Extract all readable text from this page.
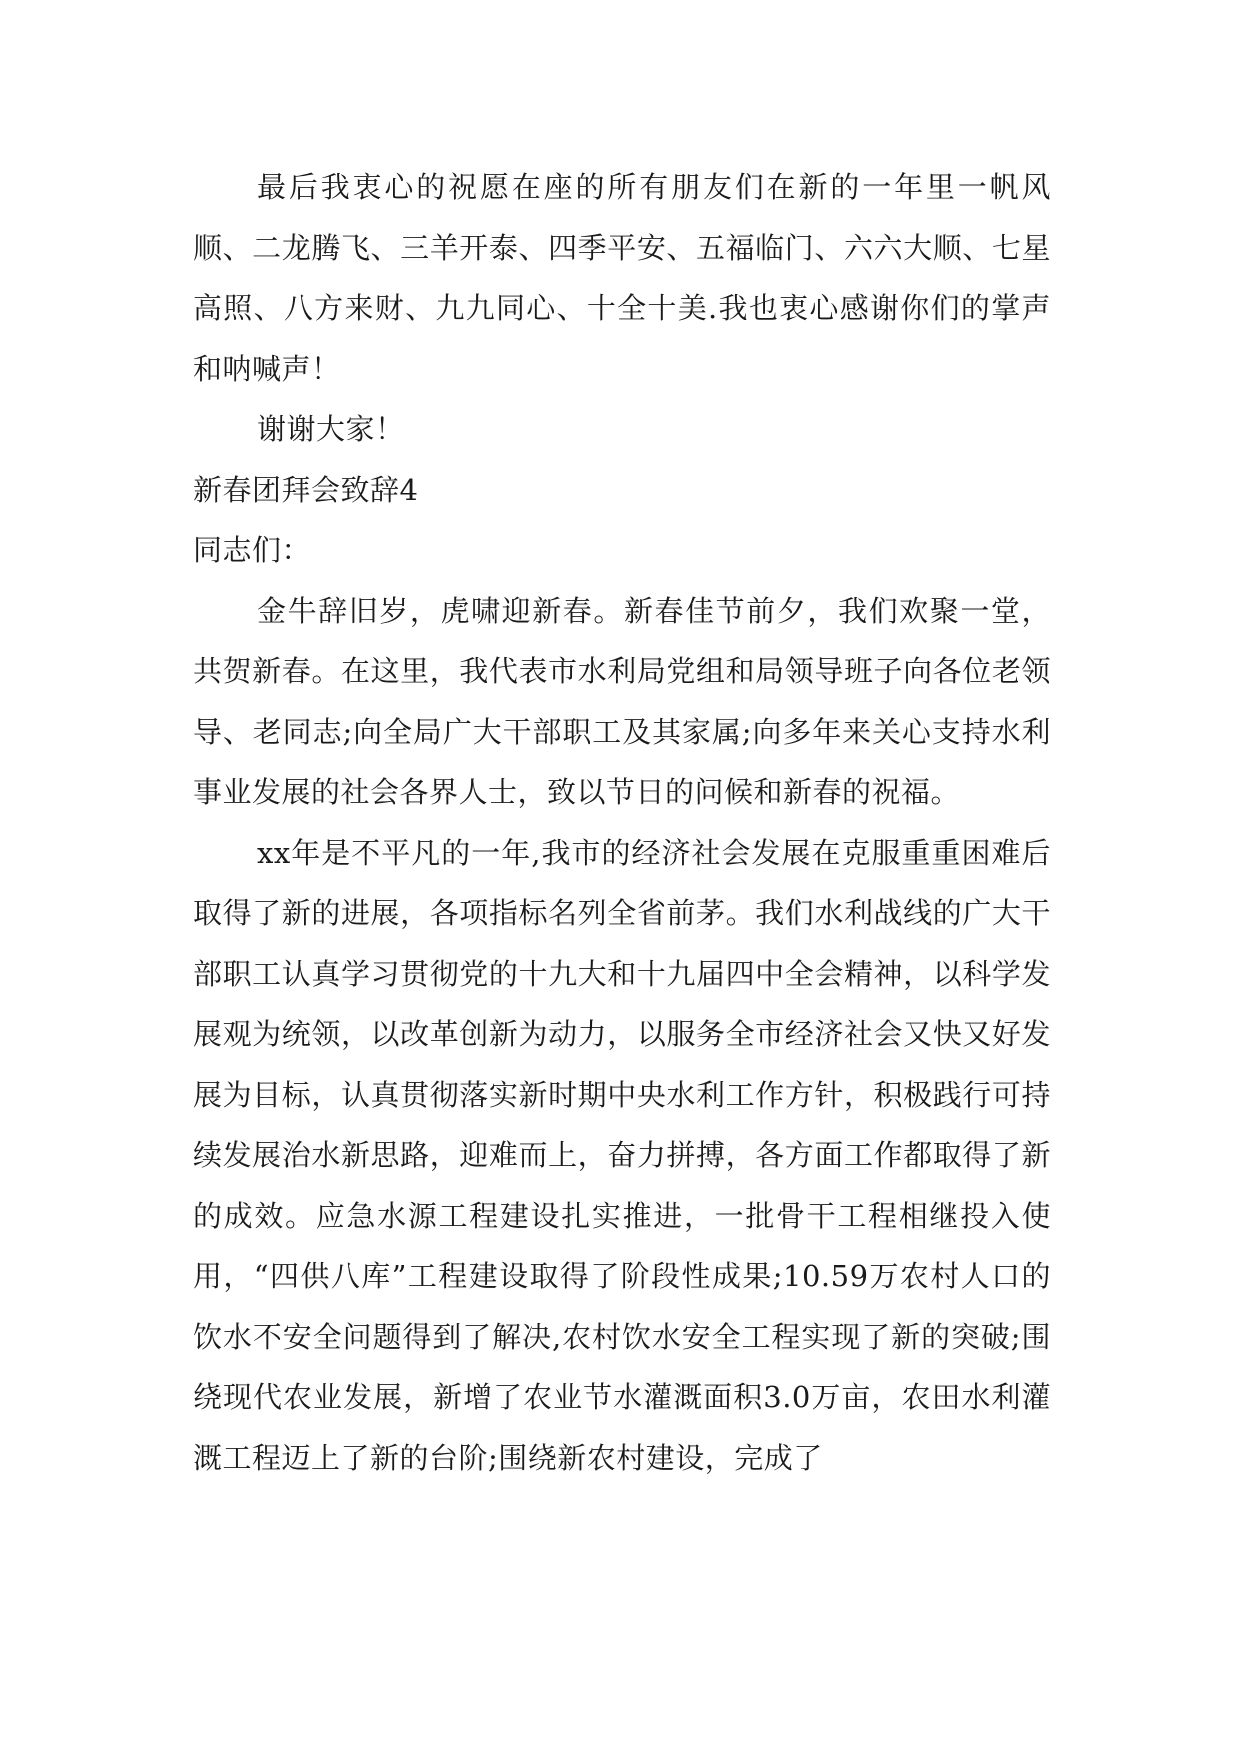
最后我衷心的祝愿在座的所有朋友们在新的一年里一帆风顺、二龙腾飞、三羊开泰、四季平安、五福临门、六六大顺、七星高照、八方来财、九九同心、十全十美.我也衷心感谢你们的掌声和呐喊声！

谢谢大家！

新春团拜会致辞4

同志们：

金牛辞旧岁，虎啸迎新春。新春佳节前夕，我们欢聚一堂，共贺新春。在这里，我代表市水利局党组和局领导班子向各位老领导、老同志;向全局广大干部职工及其家属;向多年来关心支持水利事业发展的社会各界人士，致以节日的问候和新春的祝福。

xx年是不平凡的一年,我市的经济社会发展在克服重重困难后取得了新的进展，各项指标名列全省前茅。我们水利战线的广大干部职工认真学习贯彻党的十九大和十九届四中全会精神，以科学发展观为统领，以改革创新为动力，以服务全市经济社会又快又好发展为目标，认真贯彻落实新时期中央水利工作方针，积极践行可持续发展治水新思路，迎难而上，奋力拼搏，各方面工作都取得了新的成效。应急水源工程建设扎实推进，一批骨干工程相继投入使用，“四供八库”工程建设取得了阶段性成果;10.59万农村人口的饮水不安全问题得到了解决,农村饮水安全工程实现了新的突破;围绕现代农业发展，新增了农业节水灌溉面积3.0万亩，农田水利灌溉工程迈上了新的台阶;围绕新农村建设，完成了
